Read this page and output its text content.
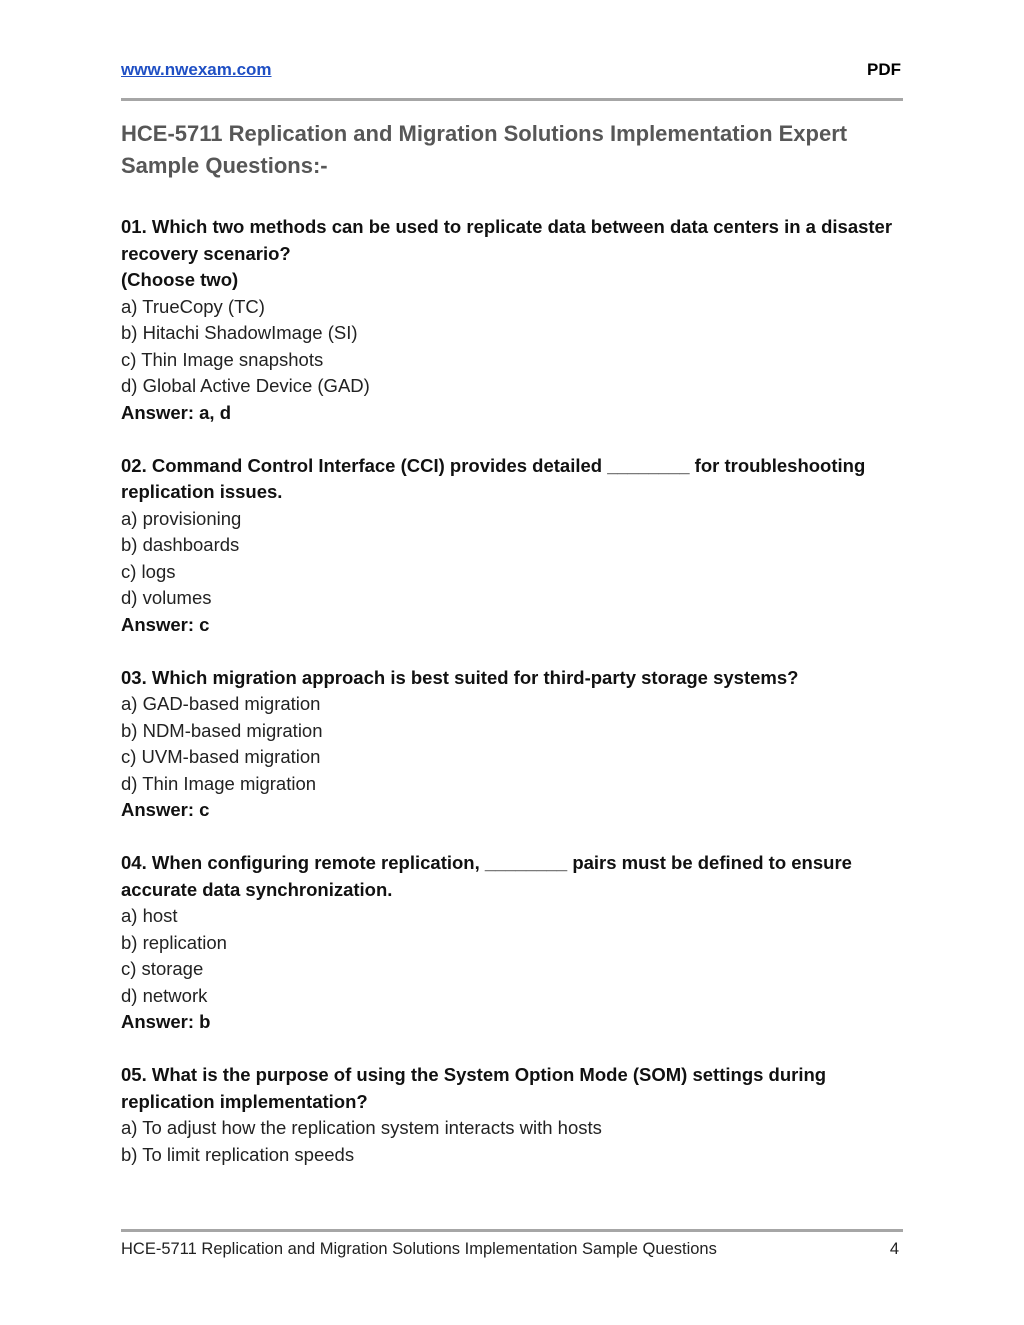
www.nwexam.com	PDF
HCE-5711 Replication and Migration Solutions Implementation Expert Sample Questions:-

01. Which two methods can be used to replicate data between data centers in a disaster recovery scenario?

(Choose two)

a) TrueCopy (TC)

b) Hitachi ShadowImage (SI)

c) Thin Image snapshots

d) Global Active Device (GAD)

Answer: a, d

02. Command Control Interface (CCI) provides detailed ________ for troubleshooting replication issues.

a) provisioning

b) dashboards

c) logs

d) volumes

Answer: c

03. Which migration approach is best suited for third-party storage systems?

a) GAD-based migration

b) NDM-based migration

c) UVM-based migration

d) Thin Image migration

Answer: c

04. When configuring remote replication, ________ pairs must be defined to ensure accurate data synchronization.

a) host

b) replication

c) storage

d) network

Answer: b

05. What is the purpose of using the System Option Mode (SOM) settings during replication implementation?

a) To adjust how the replication system interacts with hosts

b) To limit replication speeds

HCE-5711 Replication and Migration Solutions Implementation Sample Questions	4
